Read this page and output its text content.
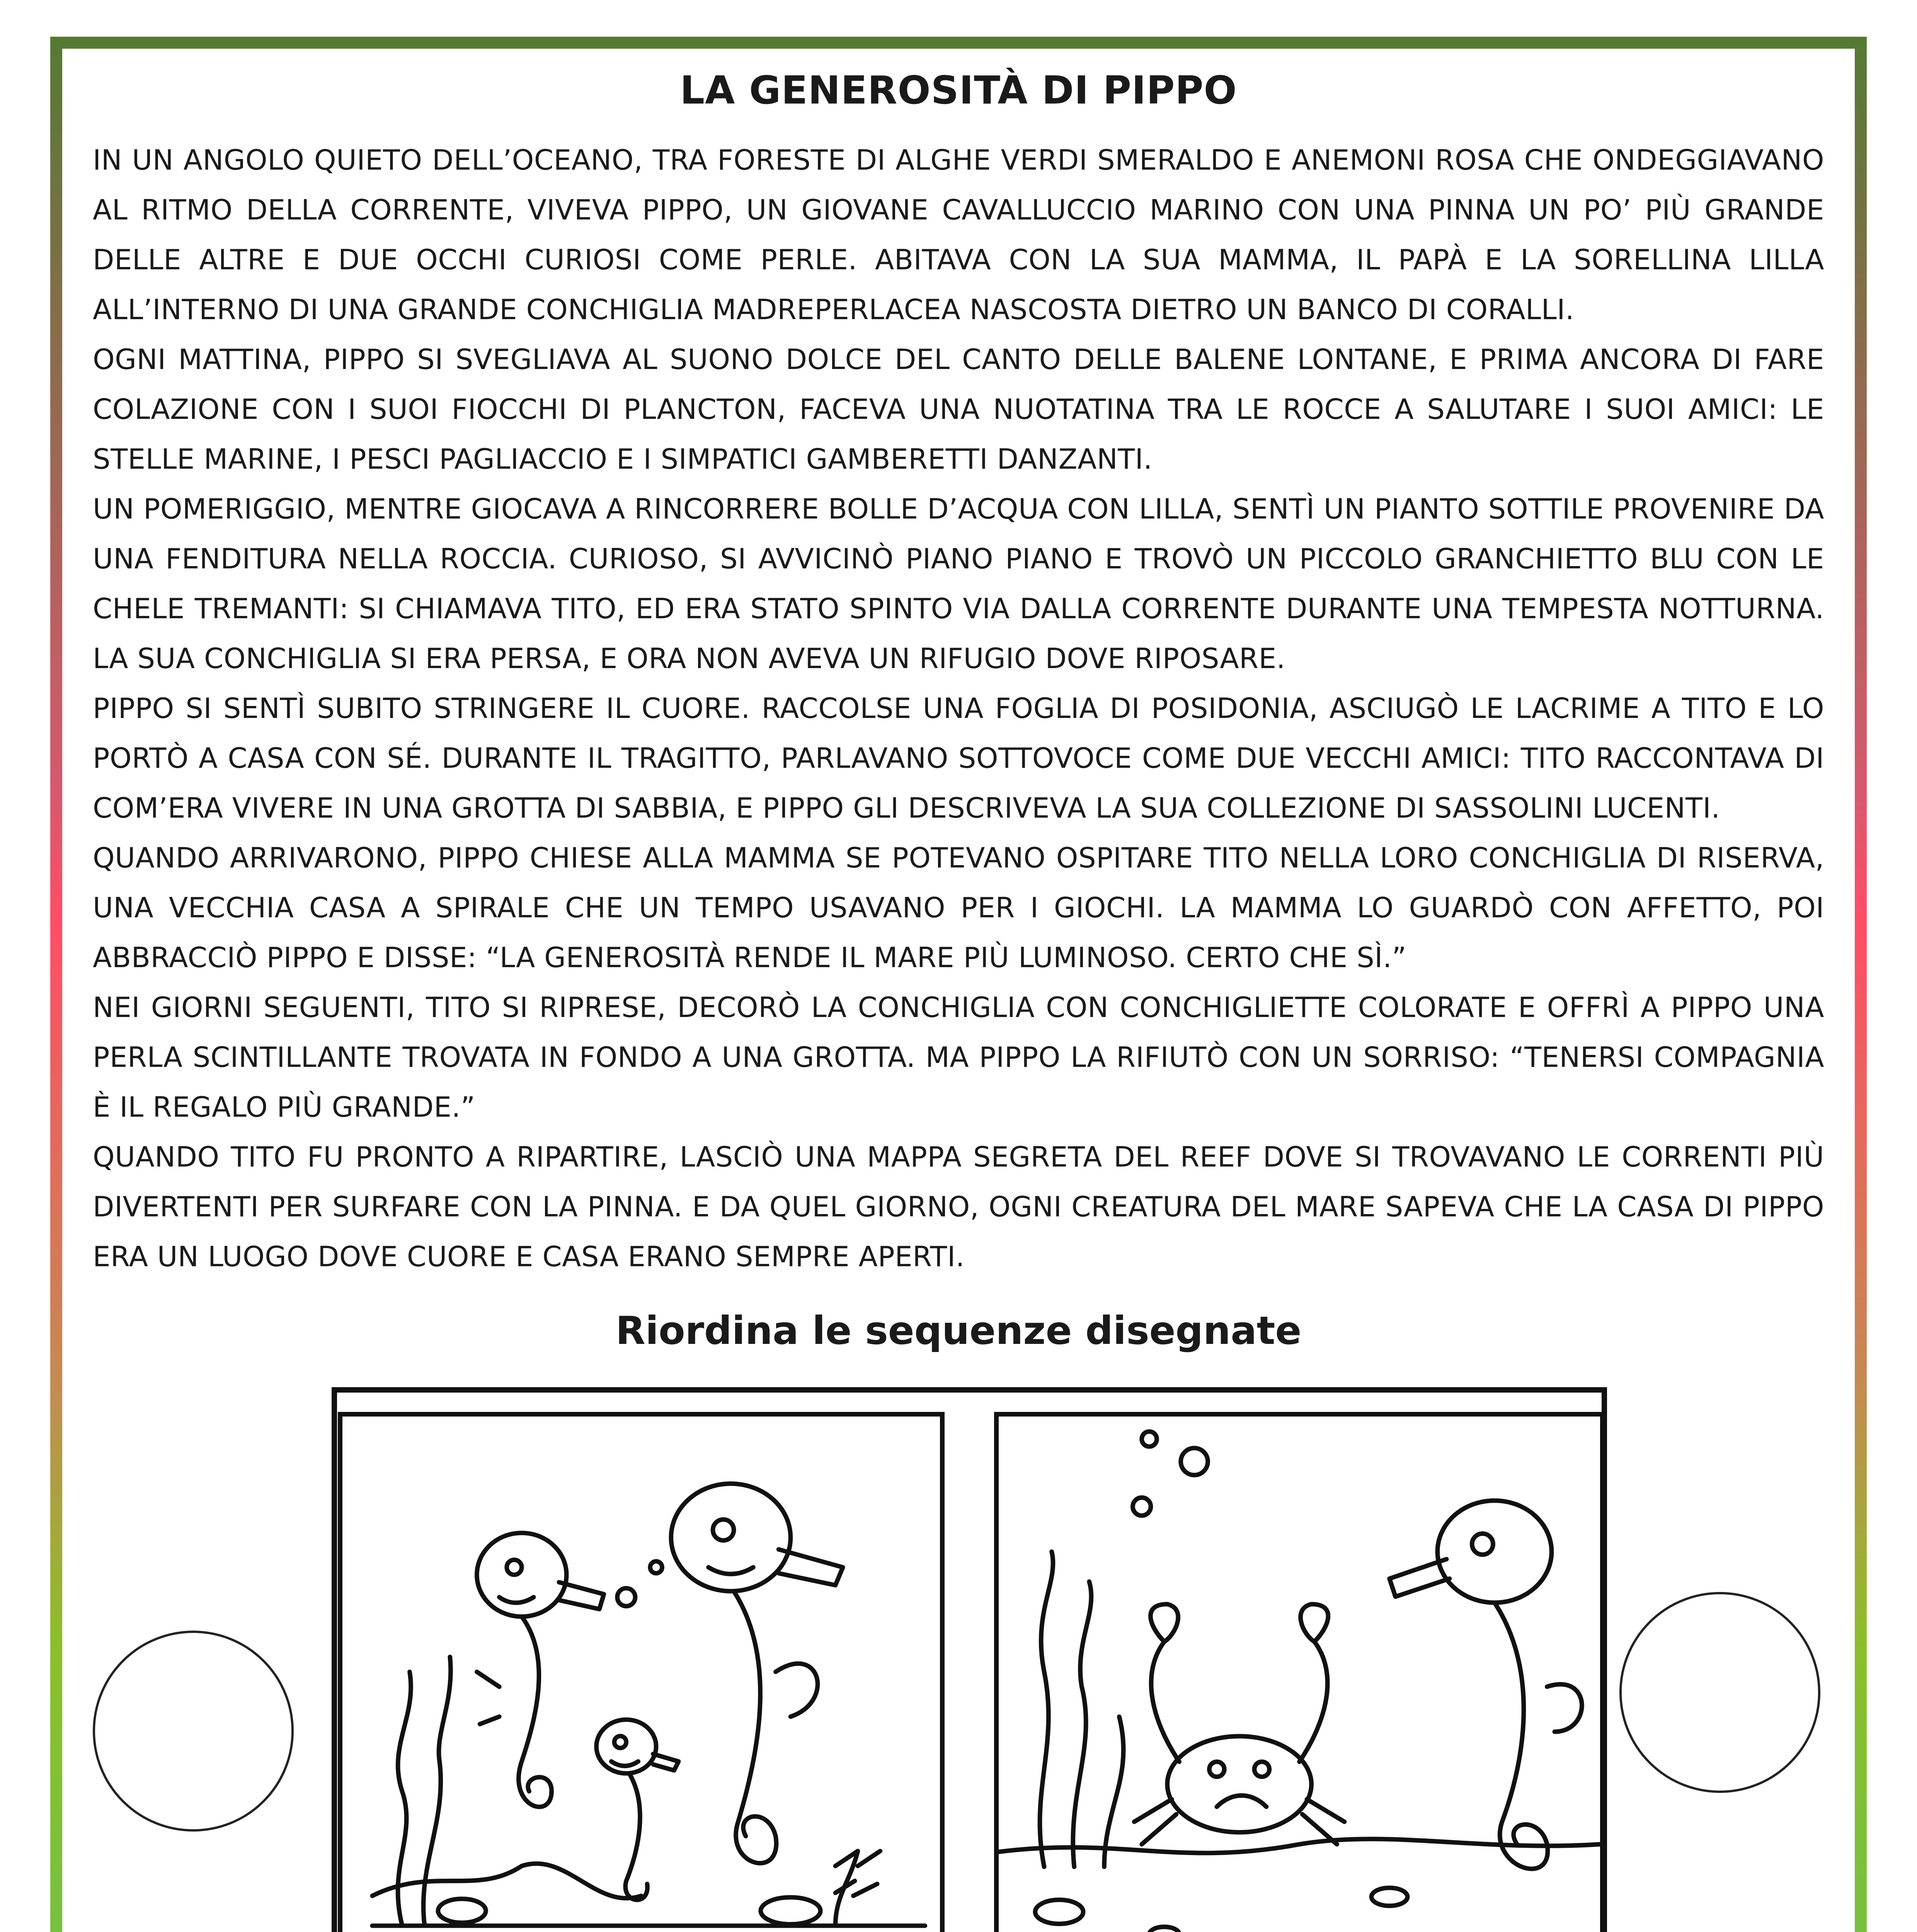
LA GENEROSITÀ DI PIPPO

IN UN ANGOLO QUIETO DELL’OCEANO, TRA FORESTE DI ALGHE VERDI SMERALDO E ANEMONI ROSA CHE ONDEGGIAVANO AL RITMO DELLA CORRENTE, VIVEVA PIPPO, UN GIOVANE CAVALLUCCIO MARINO CON UNA PINNA UN PO’ PIÙ GRANDE DELLE ALTRE E DUE OCCHI CURIOSI COME PERLE. ABITAVA CON LA SUA MAMMA, IL PAPÀ E LA SORELLINA LILLA ALL’INTERNO DI UNA GRANDE CONCHIGLIA MADREPERLACEA NASCOSTA DIETRO UN BANCO DI CORALLI.

OGNI MATTINA, PIPPO SI SVEGLIAVA AL SUONO DOLCE DEL CANTO DELLE BALENE LONTANE, E PRIMA ANCORA DI FARE COLAZIONE CON I SUOI FIOCCHI DI PLANCTON, FACEVA UNA NUOTATINA TRA LE ROCCE A SALUTARE I SUOI AMICI: LE STELLE MARINE, I PESCI PAGLIACCIO E I SIMPATICI GAMBERETTI DANZANTI.

UN POMERIGGIO, MENTRE GIOCAVA A RINCORRERE BOLLE D’ACQUA CON LILLA, SENTÌ UN PIANTO SOTTILE PROVENIRE DA UNA FENDITURA NELLA ROCCIA. CURIOSO, SI AVVICINÒ PIANO PIANO E TROVÒ UN PICCOLO GRANCHIETTO BLU CON LE CHELE TREMANTI: SI CHIAMAVA TITO, ED ERA STATO SPINTO VIA DALLA CORRENTE DURANTE UNA TEMPESTA NOTTURNA. LA SUA CONCHIGLIA SI ERA PERSA, E ORA NON AVEVA UN RIFUGIO DOVE RIPOSARE.

PIPPO SI SENTÌ SUBITO STRINGERE IL CUORE. RACCOLSE UNA FOGLIA DI POSIDONIA, ASCIUGÒ LE LACRIME A TITO E LO PORTÒ A CASA CON SÉ. DURANTE IL TRAGITTO, PARLAVANO SOTTOVOCE COME DUE VECCHI AMICI: TITO RACCONTAVA DI COM’ERA VIVERE IN UNA GROTTA DI SABBIA, E PIPPO GLI DESCRIVEVA LA SUA COLLEZIONE DI SASSOLINI LUCENTI.

QUANDO ARRIVARONO, PIPPO CHIESE ALLA MAMMA SE POTEVANO OSPITARE TITO NELLA LORO CONCHIGLIA DI RISERVA, UNA VECCHIA CASA A SPIRALE CHE UN TEMPO USAVANO PER I GIOCHI. LA MAMMA LO GUARDÒ CON AFFETTO, POI ABBRACCIÒ PIPPO E DISSE: “LA GENEROSITÀ RENDE IL MARE PIÙ LUMINOSO. CERTO CHE SÌ.”

NEI GIORNI SEGUENTI, TITO SI RIPRESE, DECORÒ LA CONCHIGLIA CON CONCHIGLIETTE COLORATE E OFFRÌ A PIPPO UNA PERLA SCINTILLANTE TROVATA IN FONDO A UNA GROTTA. MA PIPPO LA RIFIUTÒ CON UN SORRISO: “TENERSI COMPAGNIA È IL REGALO PIÙ GRANDE.”

QUANDO TITO FU PRONTO A RIPARTIRE, LASCIÒ UNA MAPPA SEGRETA DEL REEF DOVE SI TROVAVANO LE CORRENTI PIÙ DIVERTENTI PER SURFARE CON LA PINNA. E DA QUEL GIORNO, OGNI CREATURA DEL MARE SAPEVA CHE LA CASA DI PIPPO ERA UN LUOGO DOVE CUORE E CASA ERANO SEMPRE APERTI.

Riordina le sequenze disegnate
